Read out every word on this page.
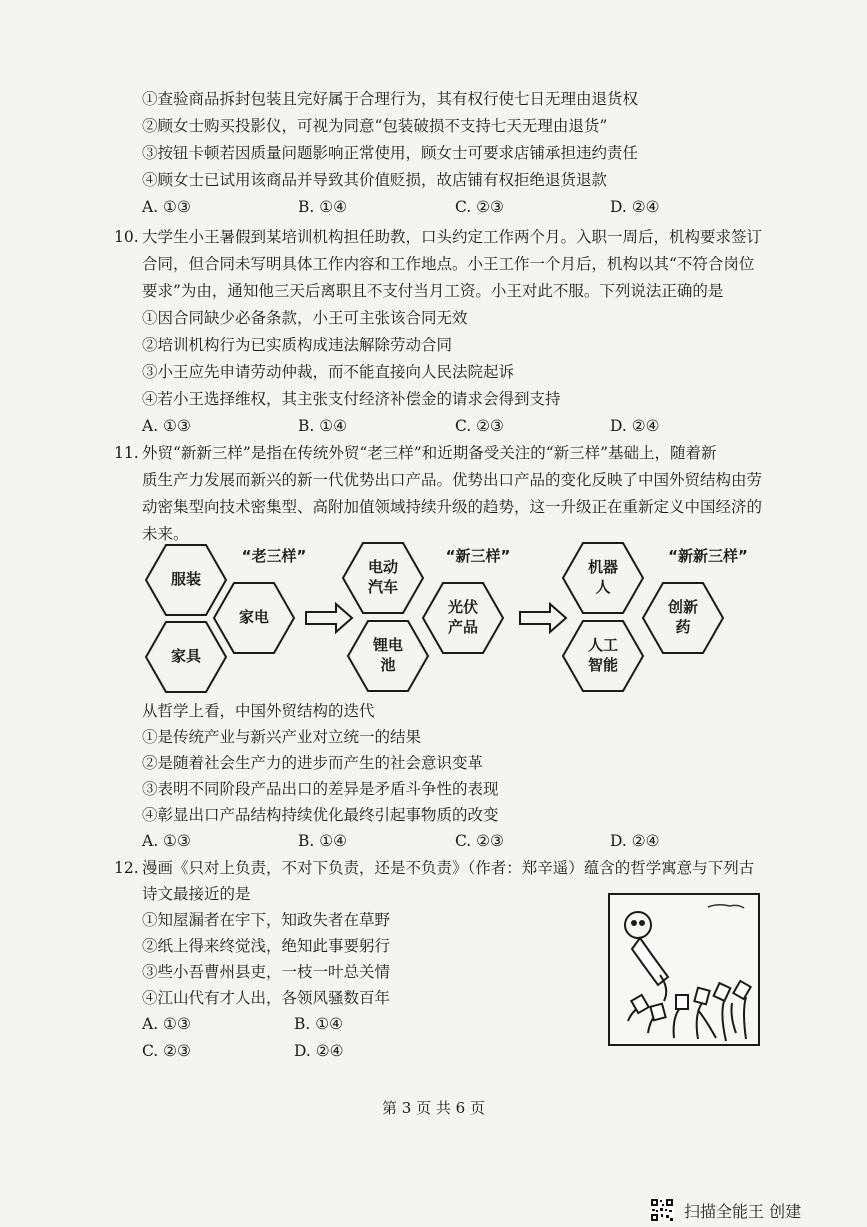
①查验商品拆封包装且完好属于合理行为，其有权行使七日无理由退货权
②顾女士购买投影仪，可视为同意“包装破损不支持七天无理由退货”
③按钮卡顿若因质量问题影响正常使用，顾女士可要求店铺承担违约责任
④顾女士已试用该商品并导致其价值贬损，故店铺有权拒绝退货退款
A. ①③	B. ①④	C. ②③	D. ②④
10. 大学生小王暑假到某培训机构担任助教，口头约定工作两个月。入职一周后，机构要求签订
合同，但合同未写明具体工作内容和工作地点。小王工作一个月后，机构以其“不符合岗位
要求”为由，通知他三天后离职且不支付当月工资。小王对此不服。下列说法正确的是
①因合同缺少必备条款，小王可主张该合同无效
②培训机构行为已实质构成违法解除劳动合同
③小王应先申请劳动仲裁，而不能直接向人民法院起诉
④若小王选择维权，其主张支付经济补偿金的请求会得到支持
A. ①③	B. ①④	C. ②③	D. ②④
11. 外贸“新新三样”是指在传统外贸“老三样”和近期备受关注的“新三样”基础上，随着新
质生产力发展而新兴的新一代优势出口产品。优势出口产品的变化反映了中国外贸结构由劳
动密集型向技术密集型、高附加值领域持续升级的趋势，这一升级正在重新定义中国经济的
未来。
“老三样”
服装
家电
家具
“新三样”
电动
汽车
光伏
产品
锂电
池
“新新三样”
机器
人
创新
药
人工
智能
从哲学上看，中国外贸结构的迭代
①是传统产业与新兴产业对立统一的结果
②是随着社会生产力的进步而产生的社会意识变革
③表明不同阶段产品出口的差异是矛盾斗争性的表现
④彰显出口产品结构持续优化最终引起事物质的改变
A. ①③	B. ①④	C. ②③	D. ②④
12. 漫画《只对上负责，不对下负责，还是不负责》（作者：郑辛遥）蕴含的哲学寓意与下列古
诗文最接近的是
①知屋漏者在宇下，知政失者在草野
②纸上得来终觉浅，绝知此事要躬行
③些小吾曹州县吏，一枝一叶总关情
④江山代有才人出，各领风骚数百年
A. ①③	B. ①④
C. ②③	D. ②④
第 3 页 共 6 页
扫描全能王 创建
